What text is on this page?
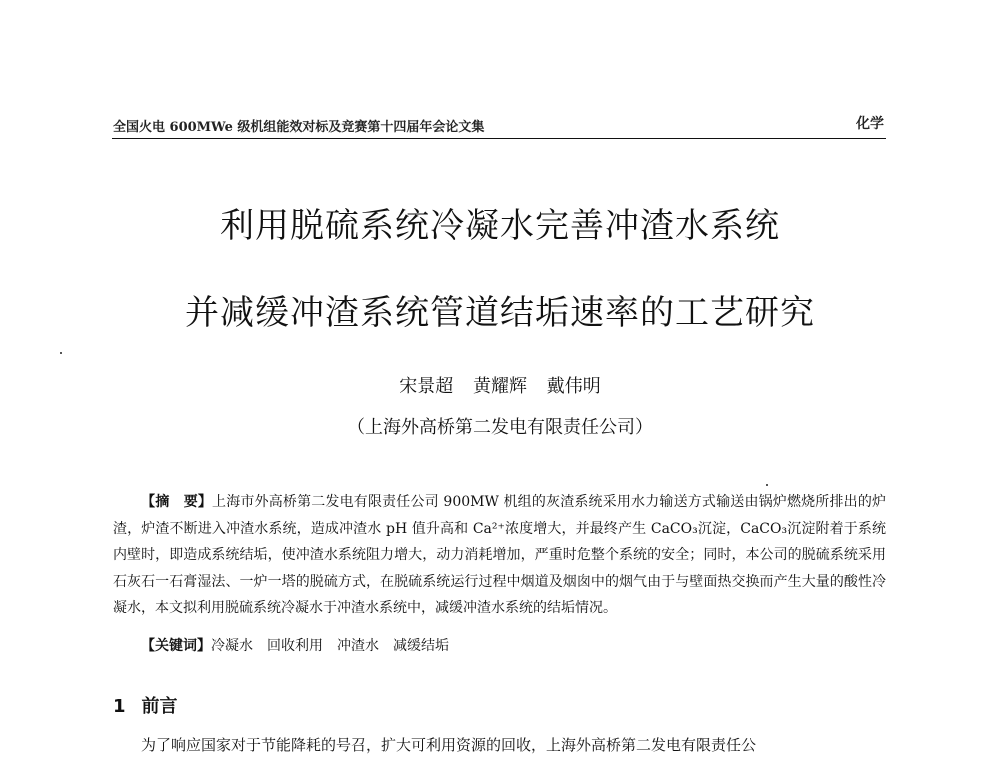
全国火电 600MWe 级机组能效对标及竞赛第十四届年会论文集	化学
利用脱硫系统冷凝水完善冲渣水系统
并减缓冲渣系统管道结垢速率的工艺研究
宋景超 黄耀辉 戴伟明
（上海外高桥第二发电有限责任公司）
【摘　要】上海市外高桥第二发电有限责任公司 900MW 机组的灰渣系统采用水力输送方式输送由锅炉燃烧所排出的炉渣，炉渣不断进入冲渣水系统，造成冲渣水 pH 值升高和 Ca²⁺浓度增大，并最终产生 CaCO₃沉淀，CaCO₃沉淀附着于系统内壁时，即造成系统结垢，使冲渣水系统阻力增大，动力消耗增加，严重时危整个系统的安全；同时，本公司的脱硫系统采用石灰石一石膏湿法、一炉一塔的脱硫方式，在脱硫系统运行过程中烟道及烟囱中的烟气由于与壁面热交换而产生大量的酸性冷凝水，本文拟利用脱硫系统冷凝水于冲渣水系统中，减缓冲渣水系统的结垢情况。
【关键词】冷凝水 回收利用 冲渣水 减缓结垢
1 前言
为了响应国家对于节能降耗的号召，扩大可利用资源的回收，上海外高桥第二发电有限责任公
